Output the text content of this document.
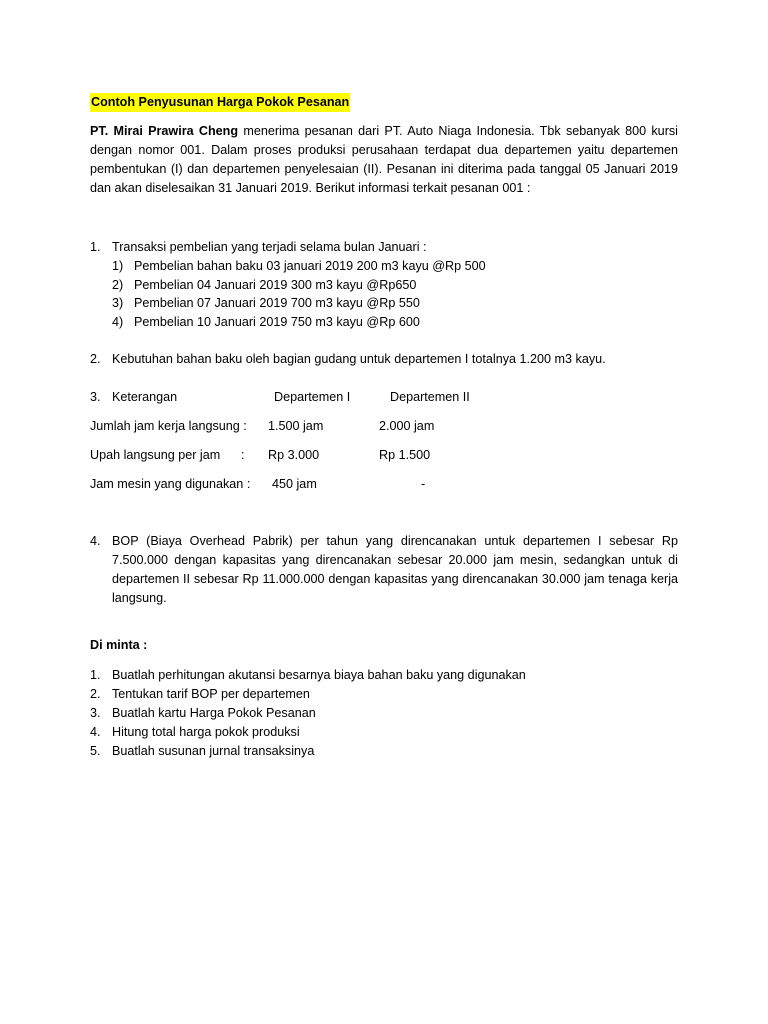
Contoh Penyusunan Harga Pokok Pesanan
PT. Mirai Prawira Cheng menerima pesanan dari PT. Auto Niaga Indonesia. Tbk sebanyak 800 kursi dengan nomor 001. Dalam proses produksi perusahaan terdapat dua departemen yaitu departemen pembentukan (I) dan departemen penyelesaian (II). Pesanan ini diterima pada tanggal 05 Januari 2019 dan akan diselesaikan 31 Januari 2019. Berikut informasi terkait pesanan 001 :
1. Transaksi pembelian yang terjadi selama bulan Januari :
1) Pembelian bahan baku 03 januari 2019 200 m3 kayu @Rp 500
2) Pembelian 04 Januari 2019 300 m3 kayu @Rp650
3) Pembelian 07 Januari 2019 700 m3 kayu @Rp 550
4) Pembelian 10 Januari 2019 750 m3 kayu @Rp 600
2. Kebutuhan bahan baku oleh bagian gudang untuk departemen I totalnya 1.200 m3 kayu.
3. Keterangan	Departemen I	Departemen II
Jumlah jam kerja langsung : 1.500 jam	2.000 jam
Upah langsung per jam : Rp 3.000	Rp 1.500
Jam mesin yang digunakan : 450 jam	-
4. BOP (Biaya Overhead Pabrik) per tahun yang direncanakan untuk departemen I sebesar Rp 7.500.000 dengan kapasitas yang direncanakan sebesar 20.000 jam mesin, sedangkan untuk di departemen II sebesar Rp 11.000.000 dengan kapasitas yang direncanakan 30.000 jam tenaga kerja langsung.
Di minta :
1. Buatlah perhitungan akutansi besarnya biaya bahan baku yang digunakan
2. Tentukan tarif BOP per departemen
3. Buatlah kartu Harga Pokok Pesanan
4. Hitung total harga pokok produksi
5. Buatlah susunan jurnal transaksinya
